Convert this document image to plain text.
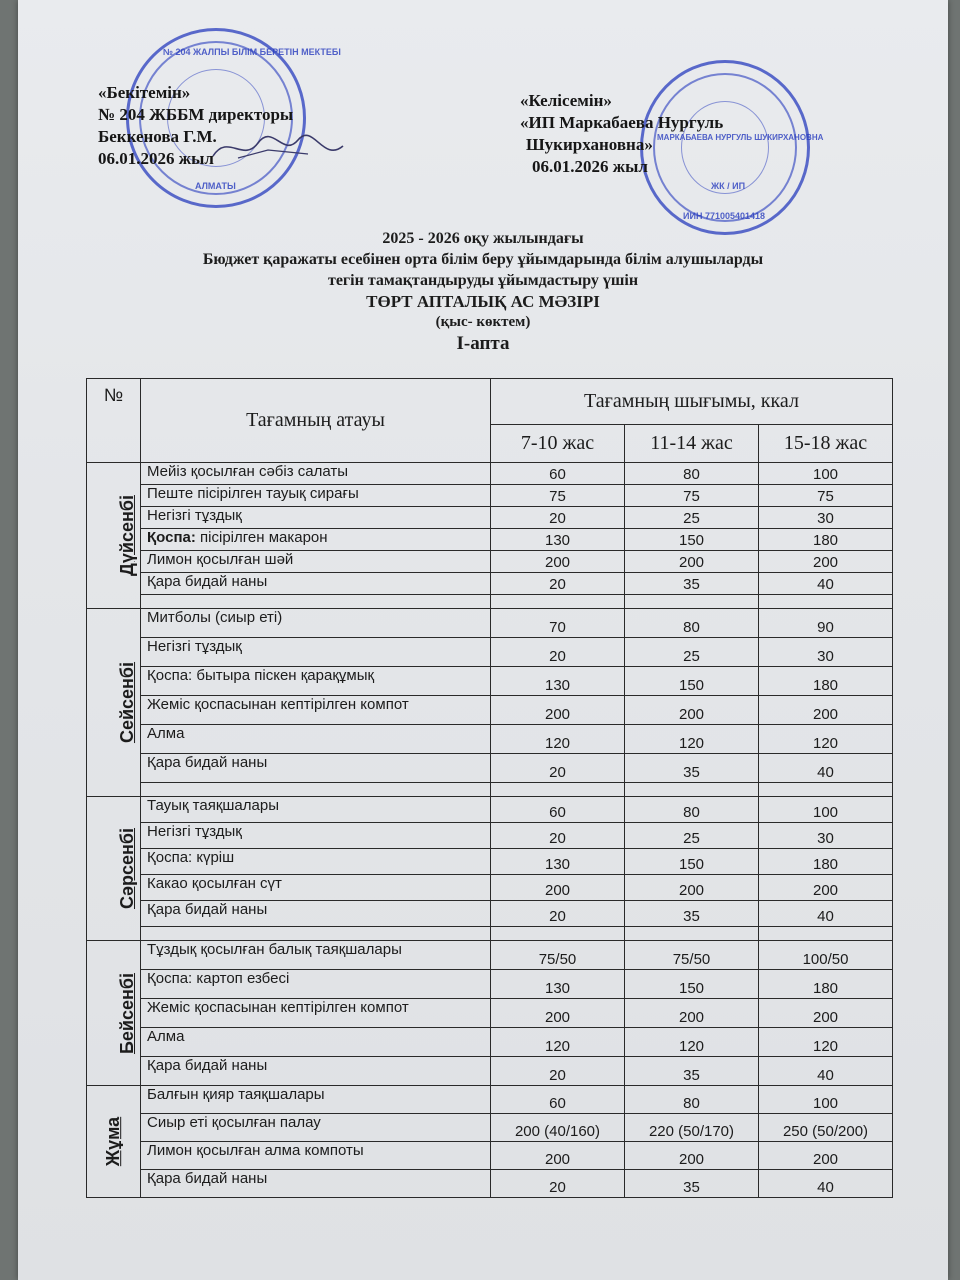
№ 204 ЖАЛПЫ БІЛІМ БЕРЕТІН МЕКТЕБІ
АЛМАТЫ
МАРКАБАЕВА НУРГУЛЬ ШУКИРХАНОВНА
ЖК / ИП
ИИН 771005401418
«Бекітемін»
№ 204 ЖББМ директоры
Беккенова Г.М.
06.01.2026 жыл
«Келісемін»
«ИП Маркабаева Нургуль
Шукирхановна»
06.01.2026 жыл
2025 - 2026 оқу жылындағы
Бюджет қаражаты есебінен орта білім беру ұйымдарында білім алушыларды
тегін тамақтандыруды ұйымдастыру үшін
ТӨРТ АПТАЛЫҚ АС МӘЗІРІ
(қыс- көктем)
I-апта
№	Тағамның атауы	Тағамның шығымы, ккал		
		7-10 жас	11-14 жас	15-18 жас
Дүйсенбі	Мейіз қосылған сәбіз салаты	60	80	100
	Пеште пісірілген тауық сирағы	75	75	75
	Негізгі тұздық	20	25	30
	Қоспа: пісірілген макарон	130	150	180
	Лимон қосылған шәй	200	200	200
	Қара бидай наны	20	35	40

Сейсенбі	Митболы (сиыр еті)	70	80	90
	Негізгі тұздық	20	25	30
	Қоспа: бытыра піскен қарақұмық	130	150	180
	Жеміс қоспасынан кептірілген компот	200	200	200
	Алма	120	120	120
	Қара бидай наны	20	35	40

Сәрсенбі	Тауық таяқшалары	60	80	100
	Негізгі тұздық	20	25	30
	Қоспа: күріш	130	150	180
	Какао қосылған сүт	200	200	200
	Қара бидай наны	20	35	40

Бейсенбі	Тұздық қосылған балық таяқшалары	75/50	75/50	100/50
	Қоспа: картоп езбесі	130	150	180
	Жеміс қоспасынан кептірілген компот	200	200	200
	Алма	120	120	120
	Қара бидай наны	20	35	40
Жұма	Балғын қияр таяқшалары	60	80	100
	Сиыр еті қосылған палау	200 (40/160)	220 (50/170)	250 (50/200)
	Лимон қосылған алма компоты	200	200	200
	Қара бидай наны	20	35	40
